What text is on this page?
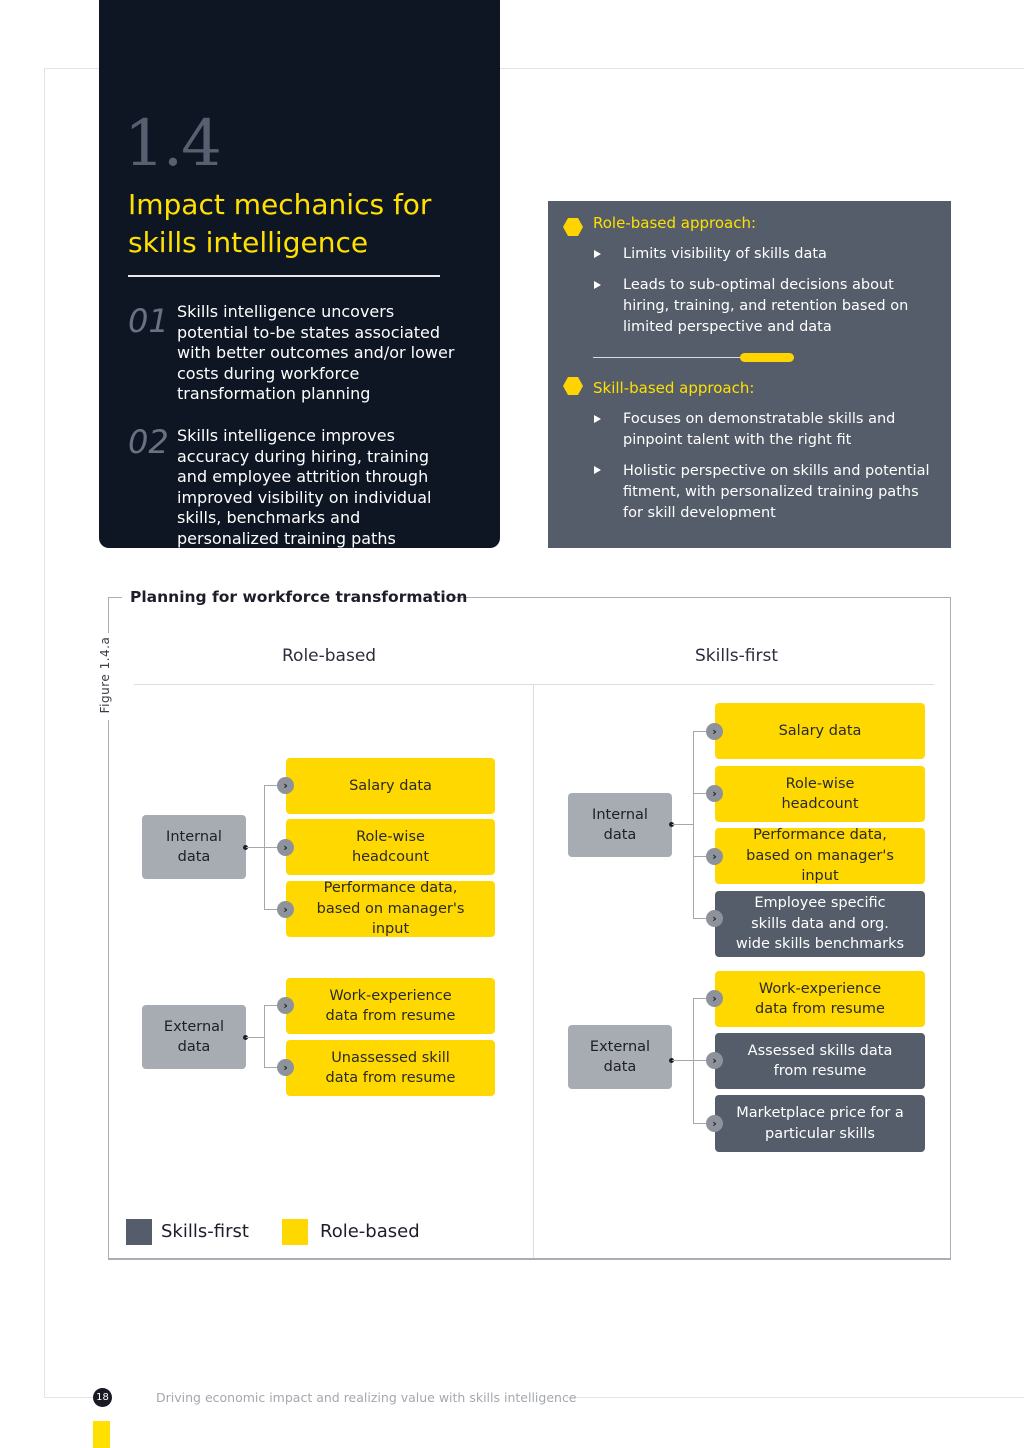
1.4
Impact mechanics for skills intelligence
01 Skills intelligence uncovers potential to-be states associated with better outcomes and/or lower costs during workforce transformation planning
02 Skills intelligence improves accuracy during hiring, training and employee attrition through improved visibility on individual skills, benchmarks and personalized training paths
Role-based approach:
Limits visibility of skills data
Leads to sub-optimal decisions about hiring, training, and retention based on limited perspective and data
Skill-based approach:
Focuses on demonstratable skills and pinpoint talent with the right fit
Holistic perspective on skills and potential fitment, with personalized training paths for skill development
Planning for workforce transformation
Figure 1.4.a	Role-based	Skills-first
Internal data
Salary data
Role-wise headcount
Performance data, based on manager's input
›
›
›
External data
Work-experience data from resume
Unassessed skill data from resume
›
›
Internal data
Salary data
Role-wise headcount
Performance data, based on manager's input
Employee specific skills data and org. wide skills benchmarks
›
›
›
›
External data
Work-experience data from resume
Assessed skills data from resume
Marketplace price for a particular skills
›
›
›
Skills-first	Role-based
18	Driving economic impact and realizing value with skills intelligence
